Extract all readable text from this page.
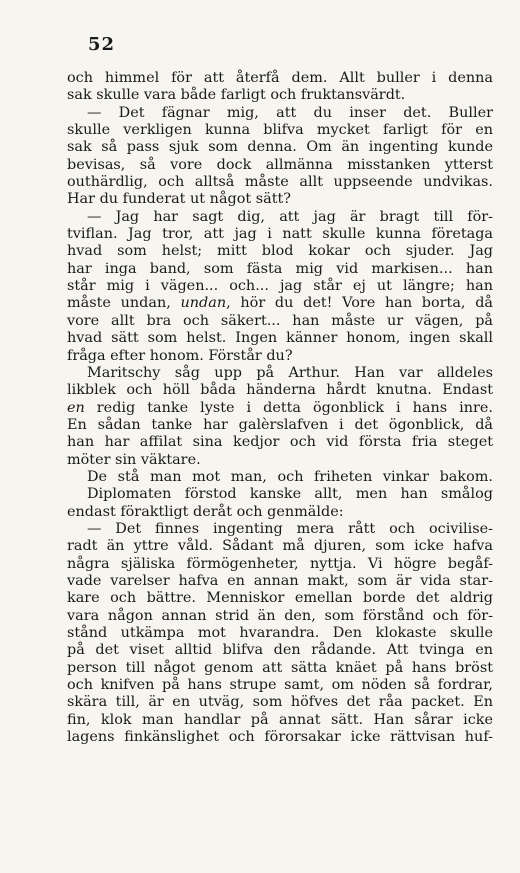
52
och himmel för att återfå dem. Allt buller i denna
sak skulle vara både farligt och fruktansvärdt.
— Det fägnar mig, att du inser det. Buller
skulle verkligen kunna blifva mycket farligt för en
sak så pass sjuk som denna. Om än ingenting kunde
bevisas, så vore dock allmänna misstanken ytterst
outhärdlig, och alltså måste allt uppseende undvikas.
Har du funderat ut något sätt?
— Jag har sagt dig, att jag är bragt till för-
tviflan. Jag tror, att jag i natt skulle kunna företaga
hvad som helst; mitt blod kokar och sjuder. Jag
har inga band, som fästa mig vid markisen... han
står mig i vägen... och... jag står ej ut längre; han
måste undan, undan, hör du det! Vore han borta, då
vore allt bra och säkert... han måste ur vägen, på
hvad sätt som helst. Ingen känner honom, ingen skall
fråga efter honom. Förstår du?
Maritschy såg upp på Arthur. Han var alldeles
likblek och höll båda händerna hårdt knutna. Endast
en redig tanke lyste i detta ögonblick i hans inre.
En sådan tanke har galèrslafven i det ögonblick, då
han har affilat sina kedjor och vid första fria steget
möter sin väktare.
De stå man mot man, och friheten vinkar bakom.
Diplomaten förstod kanske allt, men han smålog
endast föraktligt deråt och genmälde:
— Det finnes ingenting mera rått och ocivilise-
radt än yttre våld. Sådant må djuren, som icke hafva
några själiska förmögenheter, nyttja. Vi högre begåf-
vade varelser hafva en annan makt, som är vida star-
kare och bättre. Menniskor emellan borde det aldrig
vara någon annan strid än den, som förstånd och för-
stånd utkämpa mot hvarandra. Den klokaste skulle
på det viset alltid blifva den rådande. Att tvinga en
person till något genom att sätta knäet på hans bröst
och knifven på hans strupe samt, om nöden så fordrar,
skära till, är en utväg, som höfves det råa packet. En
fin, klok man handlar på annat sätt. Han sårar icke
lagens finkänslighet och förorsakar icke rättvisan huf-
